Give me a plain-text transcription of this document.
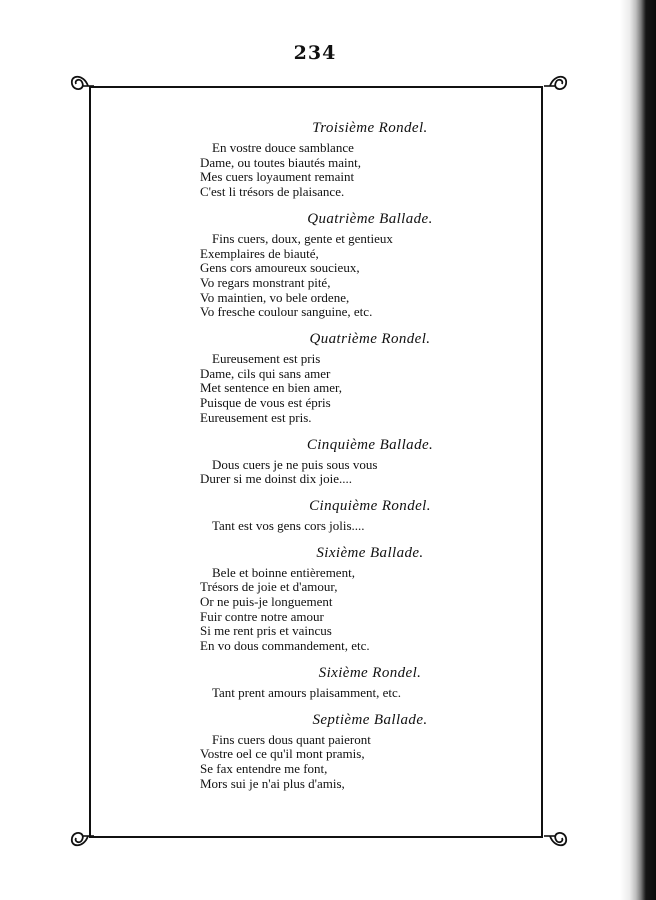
234
Troisième Rondel.
En vostre douce samblance
Dame, ou toutes biautés maint,
Mes cuers loyaument remaint
C'est li trésors de plaisance.
Quatrième Ballade.
Fins cuers, doux, gente et gentieux
Exemplaires de biauté,
Gens cors amoureux soucieux,
Vo regars monstrant pité,
Vo maintien, vo bele ordene,
Vo fresche coulour sanguine, etc.
Quatrième Rondel.
Eureusement est pris
Dame, cils qui sans amer
Met sentence en bien amer,
Puisque de vous est épris
Eureusement est pris.
Cinquième Ballade.
Dous cuers je ne puis sous vous
Durer si me doinst dix joie....
Cinquième Rondel.
Tant est vos gens cors jolis....
Sixième Ballade.
Bele et boinne entièrement,
Trésors de joie et d'amour,
Or ne puis-je longuement
Fuir contre notre amour
Si me rent pris et vaincus
En vo dous commandement, etc.
Sixième Rondel.
Tant prent amours plaisamment, etc.
Septième Ballade.
Fins cuers dous quant paieront
Vostre oel ce qu'il mont pramis,
Se fax entendre me font,
Mors sui je n'ai plus d'amis,
